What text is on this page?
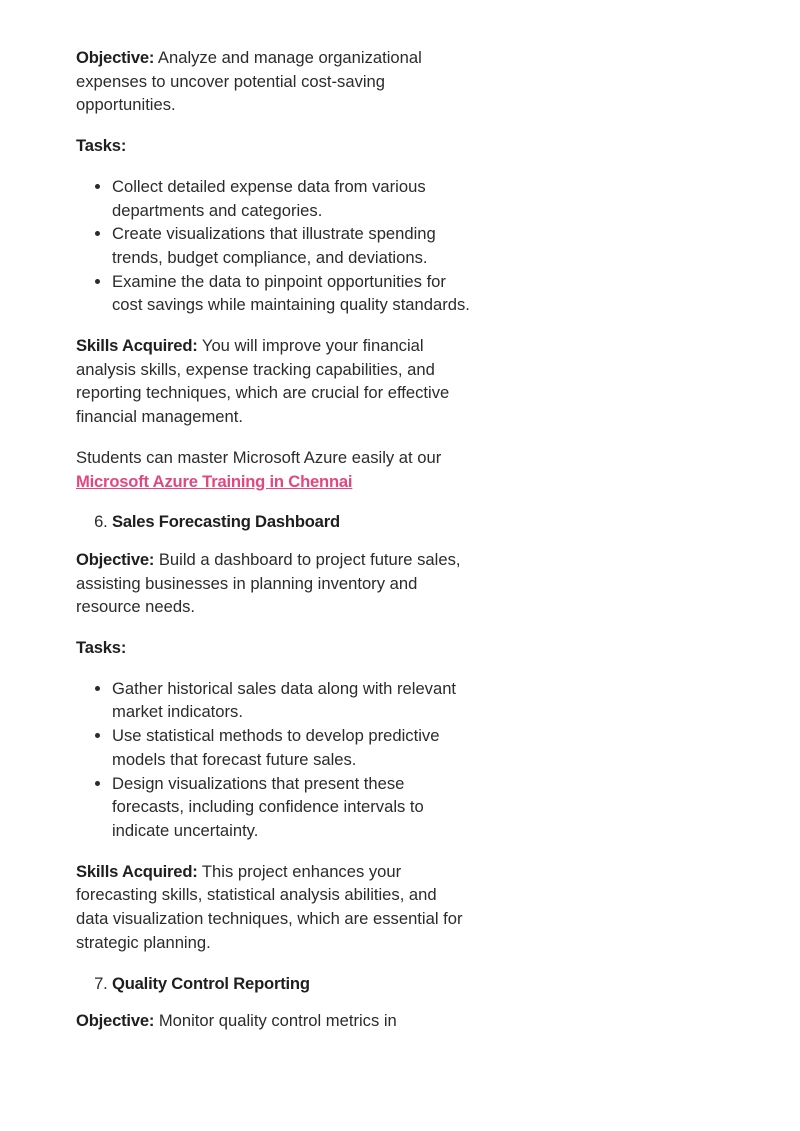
Objective: Analyze and manage organizational expenses to uncover potential cost-saving opportunities.

Tasks:

• Collect detailed expense data from various departments and categories.
• Create visualizations that illustrate spending trends, budget compliance, and deviations.
• Examine the data to pinpoint opportunities for cost savings while maintaining quality standards.

Skills Acquired: You will improve your financial analysis skills, expense tracking capabilities, and reporting techniques, which are crucial for effective financial management.

Students can master Microsoft Azure easily at our
Microsoft Azure Training in Chennai

6. Sales Forecasting Dashboard

Objective: Build a dashboard to project future sales, assisting businesses in planning inventory and resource needs.

Tasks:

• Gather historical sales data along with relevant market indicators.
• Use statistical methods to develop predictive models that forecast future sales.
• Design visualizations that present these forecasts, including confidence intervals to indicate uncertainty.

Skills Acquired: This project enhances your forecasting skills, statistical analysis abilities, and data visualization techniques, which are essential for strategic planning.

7. Quality Control Reporting

Objective: Monitor quality control metrics in
